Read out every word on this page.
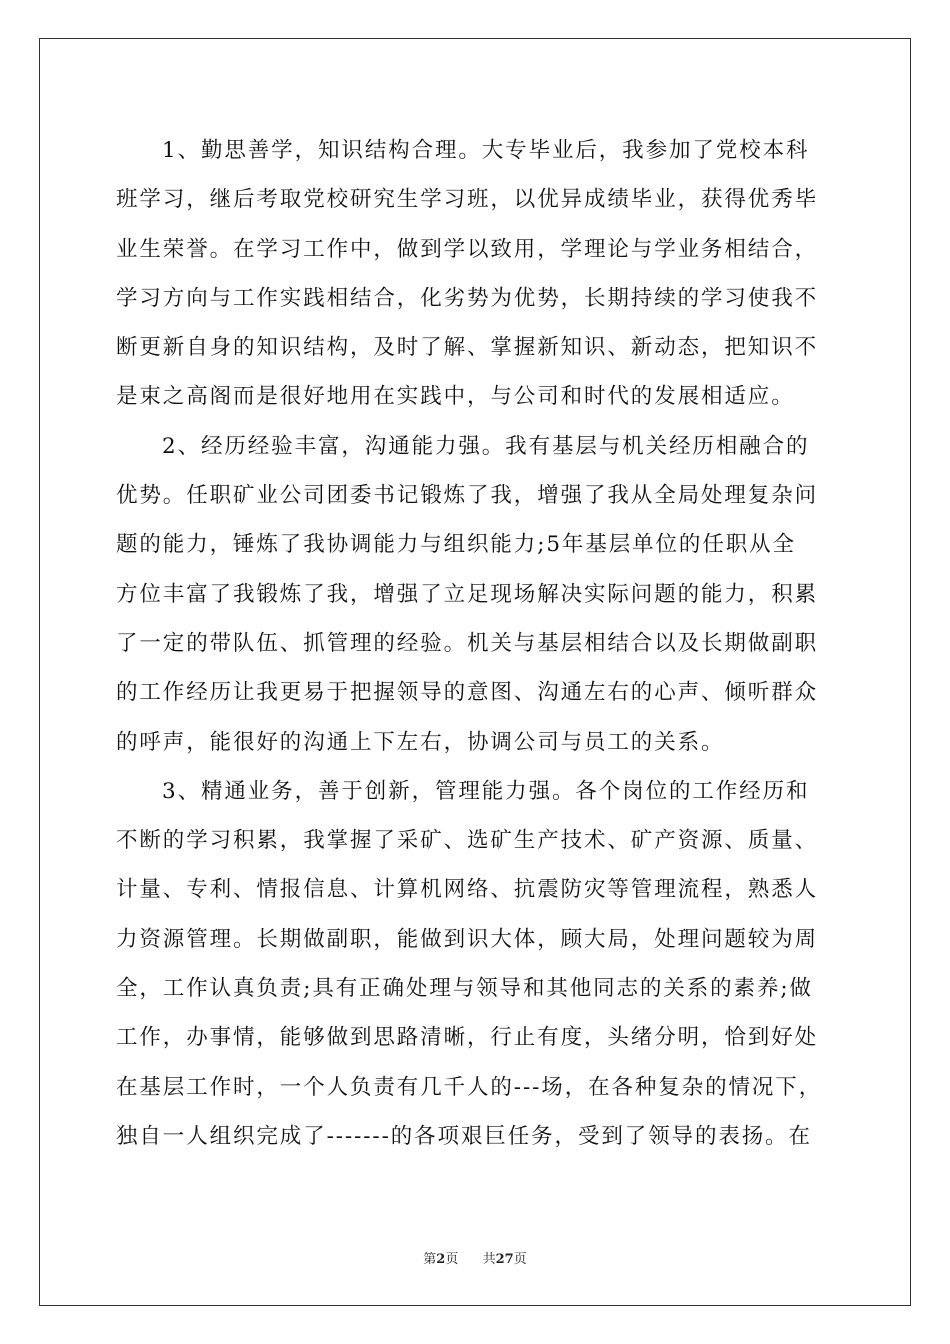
1、勤思善学，知识结构合理。大专毕业后，我参加了党校本科
班学习，继后考取党校研究生学习班，以优异成绩毕业，获得优秀毕
业生荣誉。在学习工作中，做到学以致用，学理论与学业务相结合，
学习方向与工作实践相结合，化劣势为优势，长期持续的学习使我不
断更新自身的知识结构，及时了解、掌握新知识、新动态，把知识不
是束之高阁而是很好地用在实践中，与公司和时代的发展相适应。
2、经历经验丰富，沟通能力强。我有基层与机关经历相融合的
优势。任职矿业公司团委书记锻炼了我，增强了我从全局处理复杂问
题的能力，锤炼了我协调能力与组织能力;5年基层单位的任职从全
方位丰富了我锻炼了我，增强了立足现场解决实际问题的能力，积累
了一定的带队伍、抓管理的经验。机关与基层相结合以及长期做副职
的工作经历让我更易于把握领导的意图、沟通左右的心声、倾听群众
的呼声，能很好的沟通上下左右，协调公司与员工的关系。
3、精通业务，善于创新，管理能力强。各个岗位的工作经历和
不断的学习积累，我掌握了采矿、选矿生产技术、矿产资源、质量、
计量、专利、情报信息、计算机网络、抗震防灾等管理流程，熟悉人
力资源管理。长期做副职，能做到识大体，顾大局，处理问题较为周
全，工作认真负责;具有正确处理与领导和其他同志的关系的素养;做
工作，办事情，能够做到思路清晰，行止有度，头绪分明，恰到好处
在基层工作时，一个人负责有几千人的---场，在各种复杂的情况下，
独自一人组织完成了-------的各项艰巨任务，受到了领导的表扬。在
第2页 共27页
